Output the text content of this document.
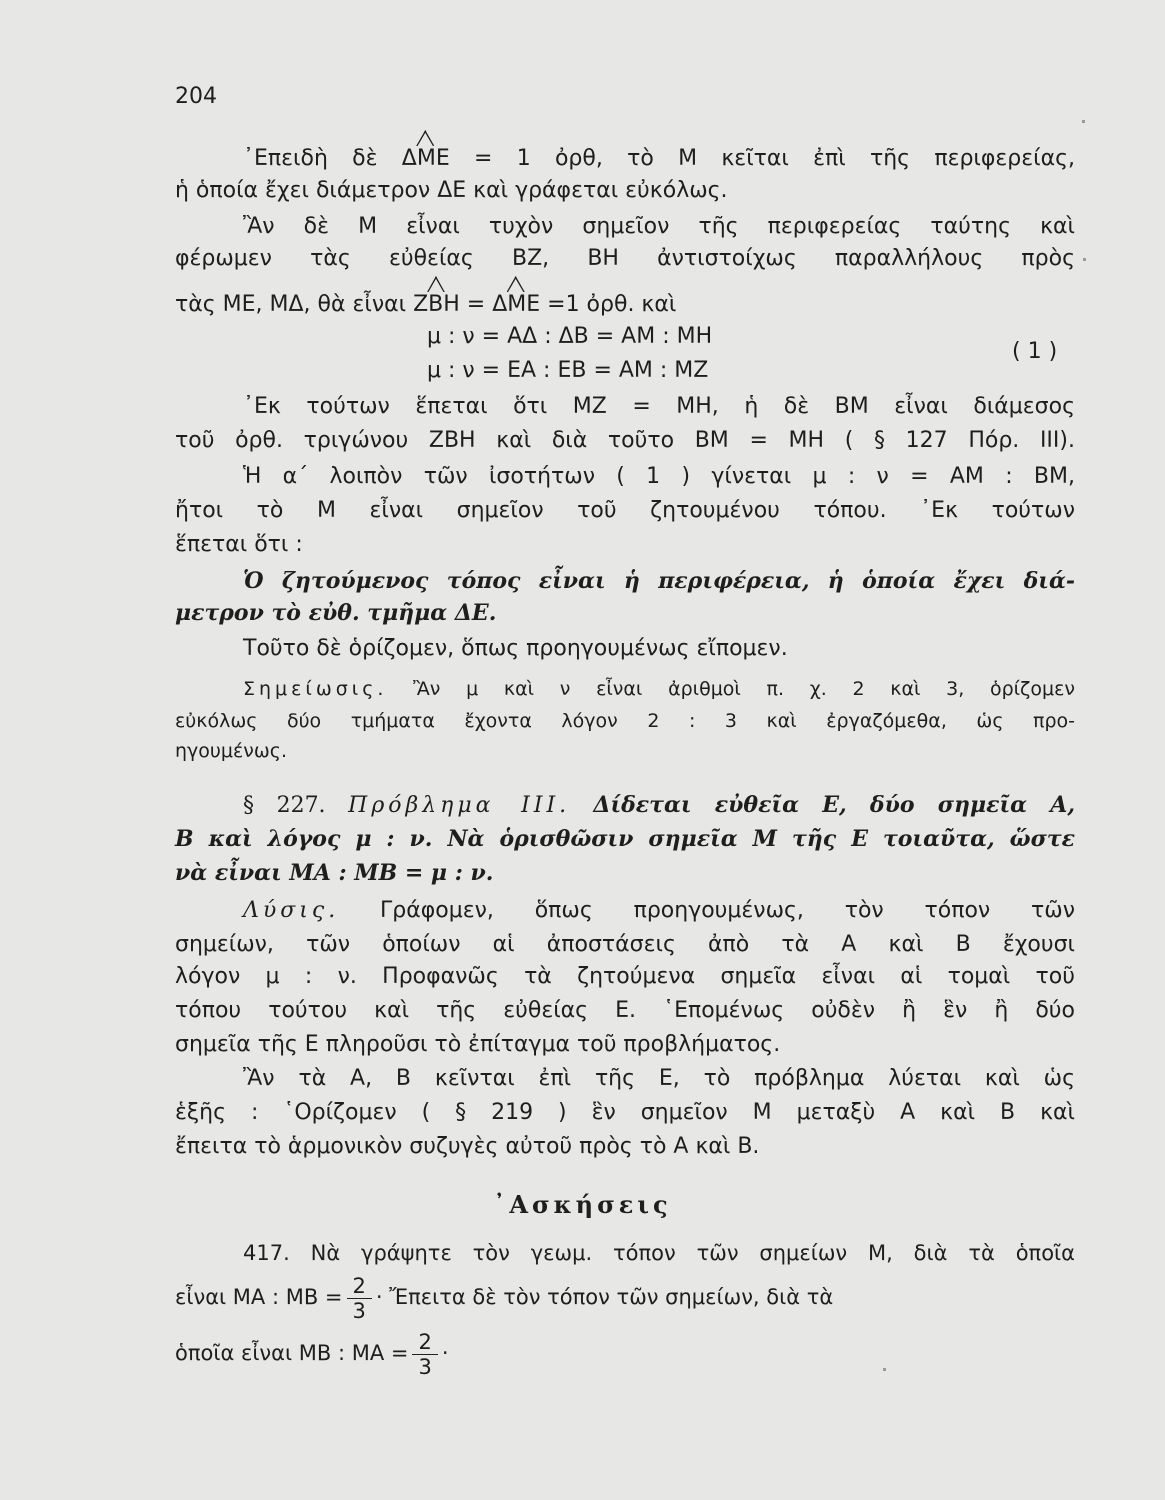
204
᾿Επειδὴ δὲ ΔΜΕ = 1 ὀρθ, τὸ Μ κεῖται ἐπὶ τῆς περιφερείας,
ἡ ὁποία ἔχει διάμετρον ΔΕ καὶ γράφεται εὐκόλως.
Ἂν δὲ Μ εἶναι τυχὸν σημεῖον τῆς περιφερείας ταύτης καὶ
φέρωμεν τὰς εὐθείας ΒΖ, ΒΗ ἀντιστοίχως παραλλήλους πρὸς
τὰς ΜΕ, ΜΔ, θὰ εἶναι ΖΒΗ = ΔΜΕ =1 ὀρθ. καὶ
μ : ν = ΑΔ : ΔΒ = ΑΜ : ΜΗ
μ : ν = ΕΑ : ΕΒ = ΑΜ : ΜΖ
( 1 )
᾿Εκ τούτων ἕπεται ὅτι ΜΖ = ΜΗ, ἡ δὲ ΒΜ εἶναι διάμεσος
τοῦ ὀρθ. τριγώνου ΖΒΗ καὶ διὰ τοῦτο ΒΜ = ΜΗ ( § 127 Πόρ. ΙΙΙ).
Ἡ α΄ λοιπὸν τῶν ἰσοτήτων ( 1 ) γίνεται μ : ν = ΑΜ : ΒΜ,
ἤτοι τὸ Μ εἶναι σημεῖον τοῦ ζητουμένου τόπου. ᾿Εκ τούτων
ἕπεται ὅτι :
Ὁ ζητούμενος τόπος εἶναι ἡ περιφέρεια, ἡ ὁποία ἔχει διά-
μετρον τὸ εὐθ. τμῆμα ΔΕ.
Τοῦτο δὲ ὁρίζομεν, ὅπως προηγουμένως εἴπομεν.
Σημείωσις. Ἂν μ καὶ ν εἶναι ἀριθμοὶ π. χ. 2 καὶ 3, ὁρίζομεν
εὐκόλως δύο τμήματα ἔχοντα λόγον 2 : 3 καὶ ἐργαζόμεθα, ὡς προ-
ηγουμένως.
§ 227. Πρόβλημα ΙΙΙ. Δίδεται εὐθεῖα Ε, δύο σημεῖα Α,
Β καὶ λόγος μ : ν. Νὰ ὁρισθῶσιν σημεῖα Μ τῆς Ε τοιαῦτα, ὥστε
νὰ εἶναι ΜΑ : ΜΒ = μ : ν.
Λύσις. Γράφομεν, ὅπως προηγουμένως, τὸν τόπον τῶν
σημείων, τῶν ὁποίων αἱ ἀποστάσεις ἀπὸ τὰ Α καὶ Β ἔχουσι
λόγον μ : ν. Προφανῶς τὰ ζητούμενα σημεῖα εἶναι αἱ τομαὶ τοῦ
τόπου τούτου καὶ τῆς εὐθείας Ε. ῾Επομένως οὐδὲν ἢ ἓν ἢ δύο
σημεῖα τῆς Ε πληροῦσι τὸ ἐπίταγμα τοῦ προβλήματος.
Ἂν τὰ Α, Β κεῖνται ἐπὶ τῆς Ε, τὸ πρόβλημα λύεται καὶ ὡς
ἑξῆς : ῾Ορίζομεν ( § 219 ) ἓν σημεῖον Μ μεταξὺ Α καὶ Β καὶ
ἔπειτα τὸ ἁρμονικὸν συζυγὲς αὐτοῦ πρὸς τὸ Α καὶ Β.
᾿Ασκήσεις
417. Νὰ γράψητε τὸν γεωμ. τόπον τῶν σημείων Μ, διὰ τὰ ὁποῖα
εἶναι ΜΑ : $MB = \frac{2}{3}$ · Ἔπειτα δὲ τὸν τόπον τῶν σημείων, διὰ τὰ
ὁποῖα εἶναι ΜΒ : $MA = \frac{2}{3}$ ·
